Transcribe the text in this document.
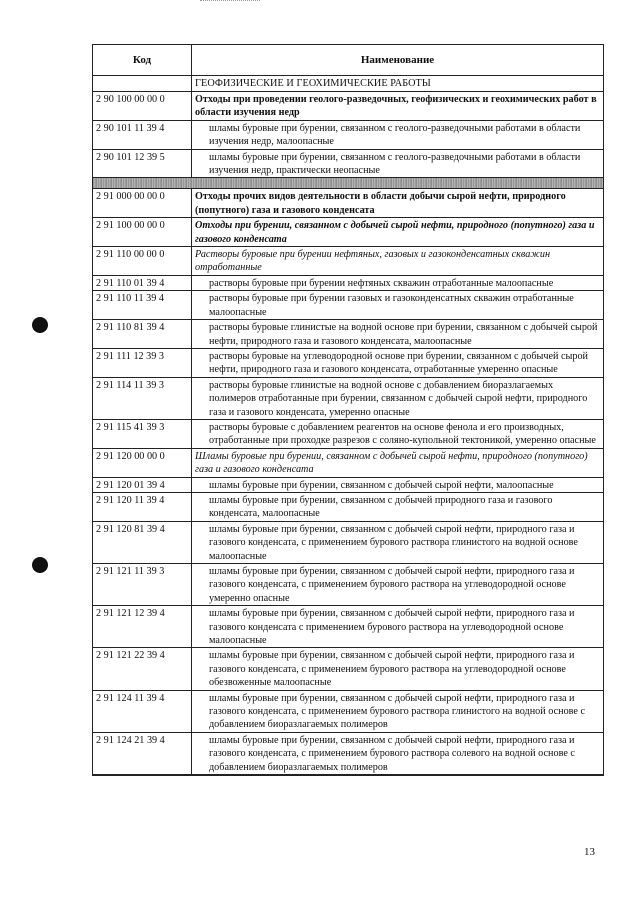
Код	Наименование
ГЕОФИЗИЧЕСКИЕ И ГЕОХИМИЧЕСКИЕ РАБОТЫ
2 90 100 00 00 0	Отходы при проведении геолого-разведочных, геофизических и геохимических работ в области изучения недр
2 90 101 11 39 4	шламы буровые при бурении, связанном с геолого-разведочными работами в области изучения недр, малоопасные
2 90 101 12 39 5	шламы буровые при бурении, связанном с геолого-разведочными работами в области изучения недр, практически неопасные
2 91 000 00 00 0	Отходы прочих видов деятельности в области добычи сырой нефти, природного (попутного) газа и газового конденсата
2 91 100 00 00 0	Отходы при бурении, связанном с добычей сырой нефти, природного (попутного) газа и газового конденсата
2 91 110 00 00 0	Растворы буровые при бурении нефтяных, газовых и газоконденсатных скважин отработанные
2 91 110 01 39 4	растворы буровые при бурении нефтяных скважин отработанные малоопасные
2 91 110 11 39 4	растворы буровые при бурении газовых и газоконденсатных скважин отработанные малоопасные
2 91 110 81 39 4	растворы буровые глинистые на водной основе при бурении, связанном с добычей сырой нефти, природного газа и газового конденсата, малоопасные
2 91 111 12 39 3	растворы буровые на углеводородной основе при бурении, связанном с добычей сырой нефти, природного газа и газового конденсата, отработанные умеренно опасные
2 91 114 11 39 3	растворы буровые глинистые на водной основе с добавлением биоразлагаемых полимеров отработанные при бурении, связанном с добычей сырой нефти, природного газа и газового конденсата, умеренно опасные
2 91 115 41 39 3	растворы буровые с добавлением реагентов на основе фенола и его производных, отработанные при проходке разрезов с соляно-купольной тектоникой, умеренно опасные
2 91 120 00 00 0	Шламы буровые при бурении, связанном с добычей сырой нефти, природного (попутного) газа и газового конденсата
2 91 120 01 39 4	шламы буровые при бурении, связанном с добычей сырой нефти, малоопасные
2 91 120 11 39 4	шламы буровые при бурении, связанном с добычей природного газа и газового конденсата, малоопасные
2 91 120 81 39 4	шламы буровые при бурении, связанном с добычей сырой нефти, природного газа и газового конденсата, с применением бурового раствора глинистого на водной основе малоопасные
2 91 121 11 39 3	шламы буровые при бурении, связанном с добычей сырой нефти, природного газа и газового конденсата, с применением бурового раствора на углеводородной основе умеренно опасные
2 91 121 12 39 4	шламы буровые при бурении, связанном с добычей сырой нефти, природного газа и газового конденсата с применением бурового раствора на углеводородной основе малоопасные
2 91 121 22 39 4	шламы буровые при бурении, связанном с добычей сырой нефти, природного газа и газового конденсата, с применением бурового раствора на углеводородной основе обезвоженные малоопасные
2 91 124 11 39 4	шламы буровые при бурении, связанном с добычей сырой нефти, природного газа и газового конденсата, с применением бурового раствора глинистого на водной основе с добавлением биоразлагаемых полимеров
2 91 124 21 39 4	шламы буровые при бурении, связанном с добычей сырой нефти, природного газа и газового конденсата, с применением бурового раствора солевого на водной основе с добавлением биоразлагаемых полимеров
13
